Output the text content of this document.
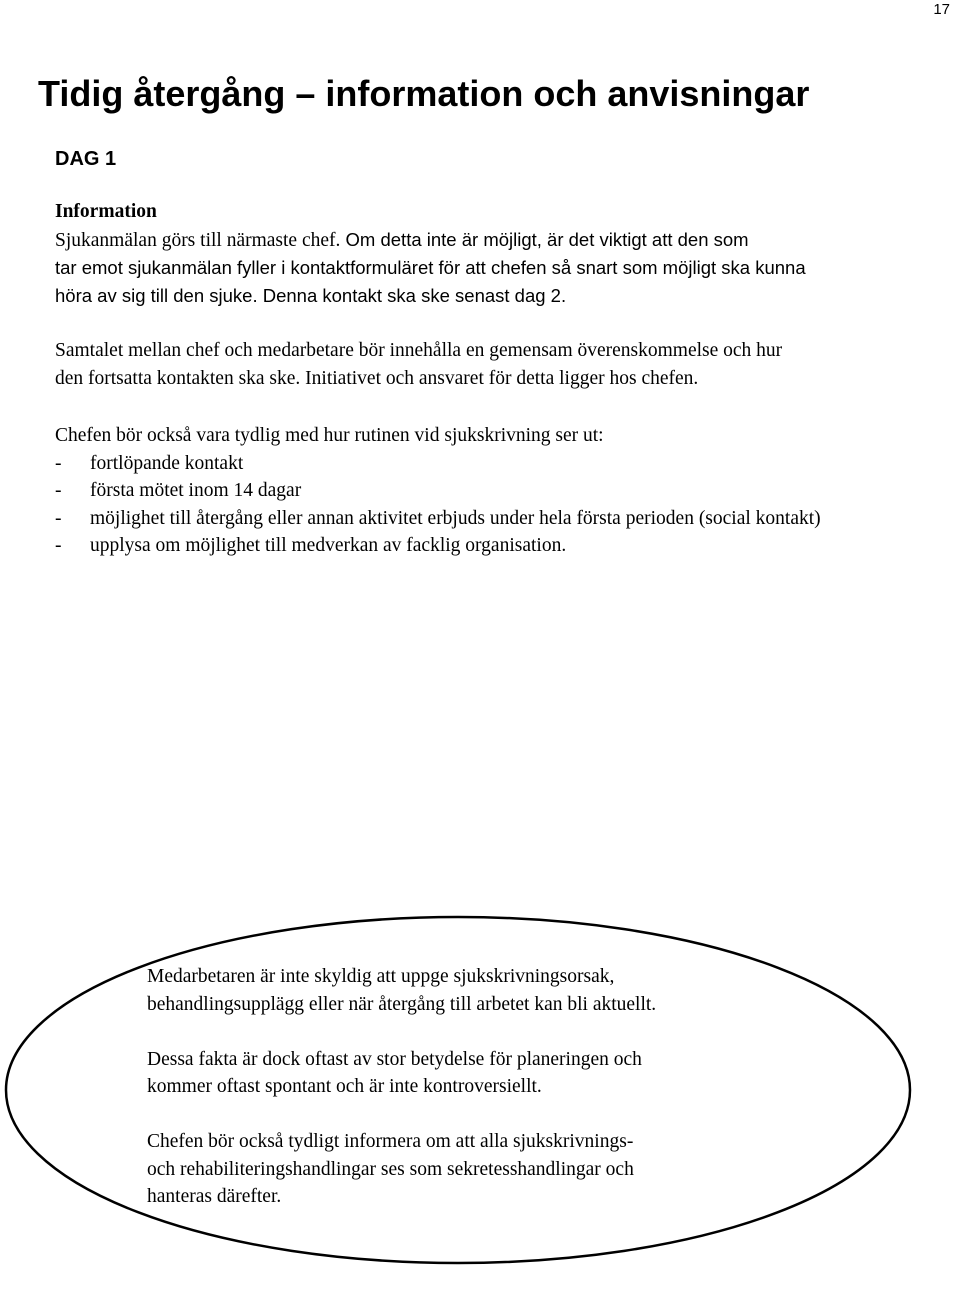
17
Tidig återgång – information och anvisningar
DAG 1

Information

Sjukanmälan görs till närmaste chef. Om detta inte är möjligt, är det viktigt att den som

tar emot sjukanmälan fyller i kontaktformuläret för att chefen så snart som möjligt ska kunna

höra av sig till den sjuke. Denna kontakt ska ske senast dag 2.

Samtalet mellan chef och medarbetare bör innehålla en gemensam överenskommelse och hur

den fortsatta kontakten ska ske. Initiativet och ansvaret för detta ligger hos chefen.

Chefen bör också vara tydlig med hur rutinen vid sjukskrivning ser ut:

- fortlöpande kontakt
- första mötet inom 14 dagar
- möjlighet till återgång eller annan aktivitet erbjuds under hela första perioden (social kontakt)
- upplysa om möjlighet till medverkan av facklig organisation.

Medarbetaren är inte skyldig att uppge sjukskrivningsorsak,
behandlingsupplägg eller när återgång till arbetet kan bli aktuellt.

Dessa fakta är dock oftast av stor betydelse för planeringen och
kommer oftast spontant och är inte kontroversiellt.

Chefen bör också tydligt informera om att alla sjukskrivnings-
och rehabiliteringshandlingar ses som sekretesshandlingar och
hanteras därefter.
